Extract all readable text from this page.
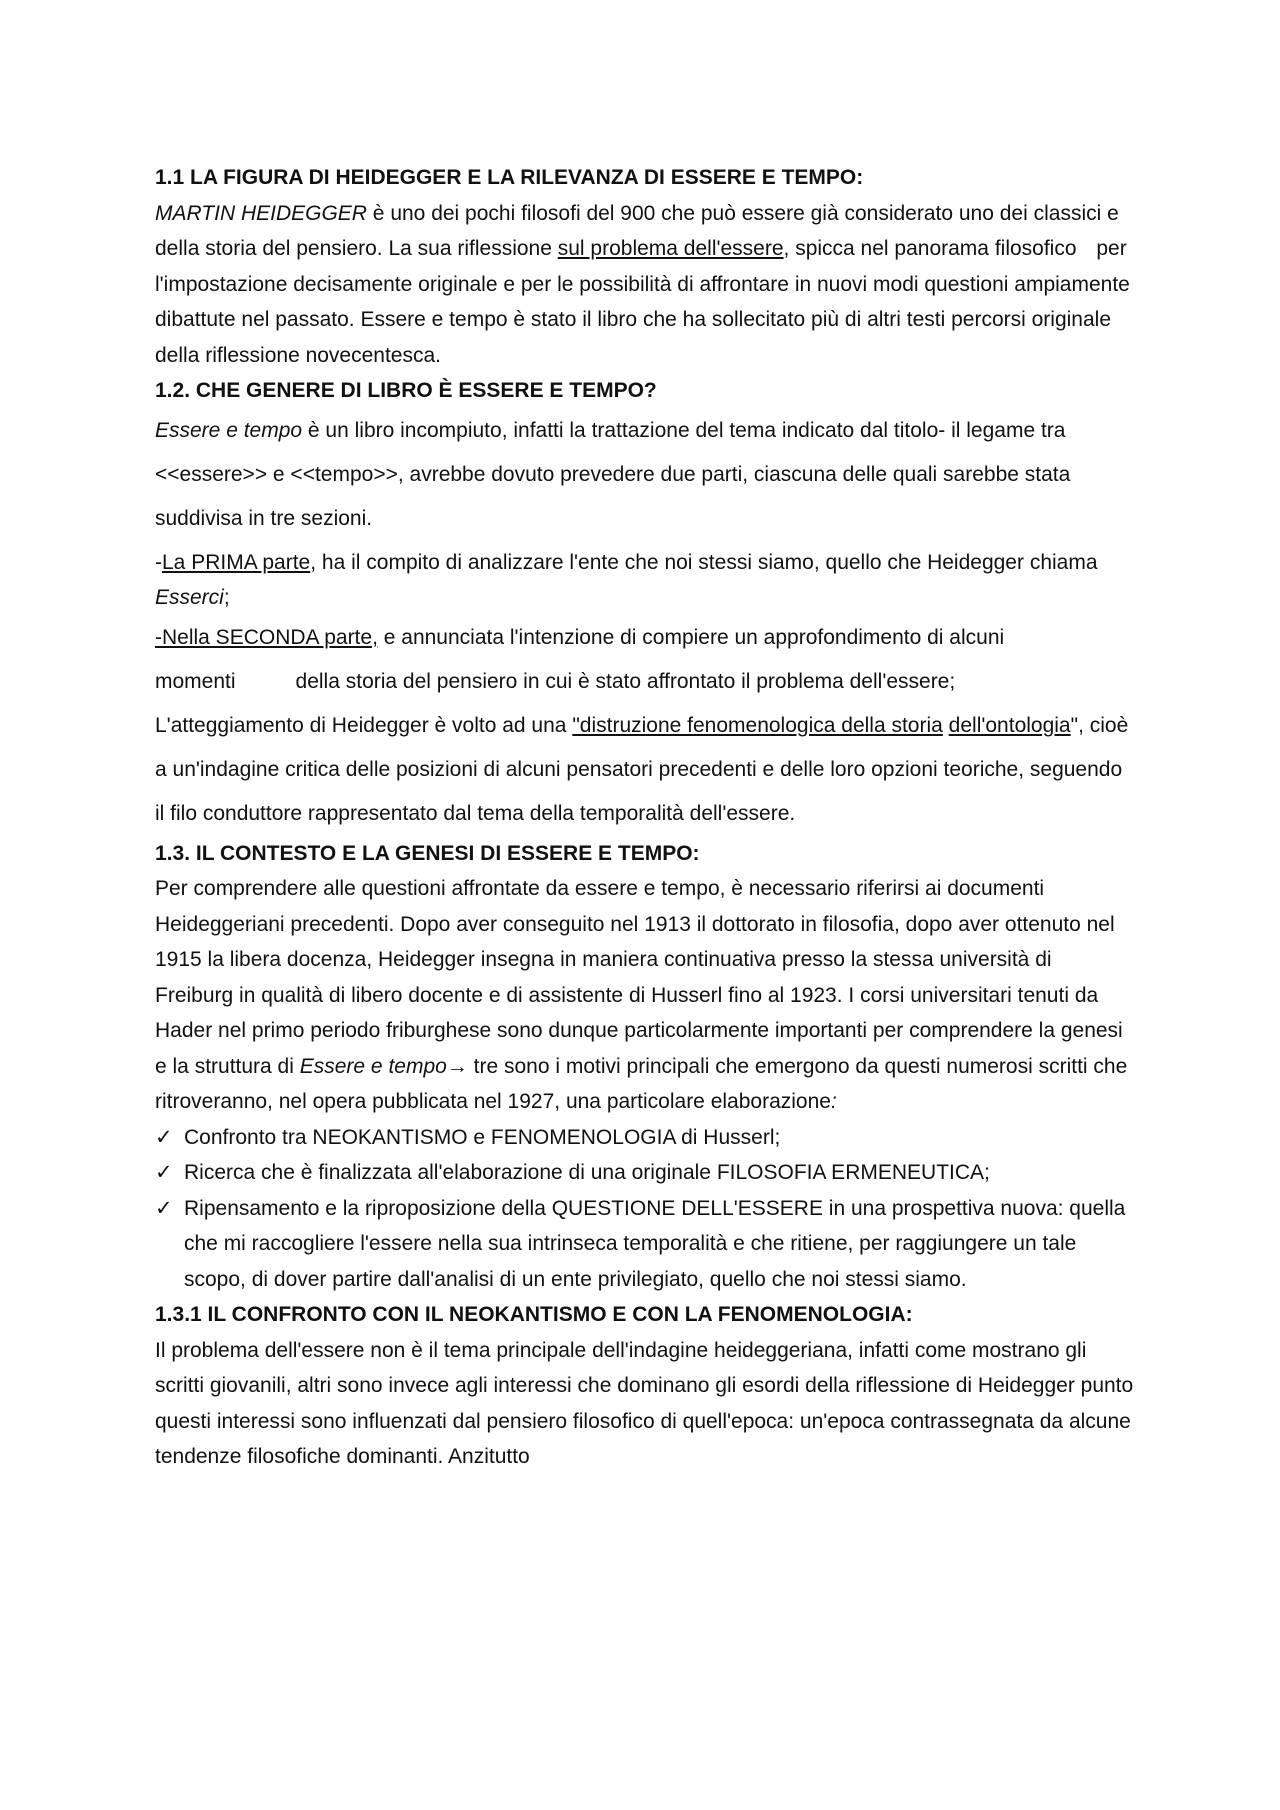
1.1 LA FIGURA DI HEIDEGGER E LA RILEVANZA DI ESSERE E TEMPO:

MARTIN HEIDEGGER è uno dei pochi filosofi del 900 che può essere già considerato uno dei classici e della storia del pensiero. La sua riflessione sul problema dell'essere, spicca nel panorama filosofico per l'impostazione decisamente originale e per le possibilità di affrontare in nuovi modi questioni ampiamente dibattute nel passato. Essere e tempo è stato il libro che ha sollecitato più di altri testi percorsi originale della riflessione novecentesca.

1.2. CHE GENERE DI LIBRO È ESSERE E TEMPO?

Essere e tempo è un libro incompiuto, infatti la trattazione del tema indicato dal titolo- il legame tra <<essere>> e <<tempo>>, avrebbe dovuto prevedere due parti, ciascuna delle quali sarebbe stata suddivisa in tre sezioni.

-La PRIMA parte, ha il compito di analizzare l'ente che noi stessi siamo, quello che Heidegger chiama Esserci;

-Nella SECONDA parte, e annunciata l'intenzione di compiere un approfondimento di alcuni
momenti	della storia del pensiero in cui è stato affrontato il problema dell'essere;

L'atteggiamento di Heidegger è volto ad una "distruzione fenomenologica della storia dell'ontologia", cioè a un'indagine critica delle posizioni di alcuni pensatori precedenti e delle loro opzioni teoriche, seguendo il filo conduttore rappresentato dal tema della temporalità dell'essere.

1.3. IL CONTESTO E LA GENESI DI ESSERE E TEMPO:

Per comprendere alle questioni affrontate da essere e tempo, è necessario riferirsi ai documenti Heideggeriani precedenti. Dopo aver conseguito nel 1913 il dottorato in filosofia, dopo aver ottenuto nel 1915 la libera docenza, Heidegger insegna in maniera continuativa presso la stessa università di Freiburg in qualità di libero docente e di assistente di Husserl fino al 1923. I corsi universitari tenuti da Hader nel primo periodo friburghese sono dunque particolarmente importanti per comprendere la genesi e la struttura di Essere e tempo→ tre sono i motivi principali che emergono da questi numerosi scritti che ritroveranno, nel opera pubblicata nel 1927, una particolare elaborazione:

✓ Confronto tra NEOKANTISMO e FENOMENOLOGIA di Husserl;
✓ Ricerca che è finalizzata all'elaborazione di una originale FILOSOFIA ERMENEUTICA;
✓ Ripensamento e la riproposizione della QUESTIONE DELL'ESSERE in una prospettiva nuova: quella che mi raccogliere l'essere nella sua intrinseca temporalità e che ritiene, per raggiungere un tale scopo, di dover partire dall'analisi di un ente privilegiato, quello che noi stessi siamo.

1.3.1 IL CONFRONTO CON IL NEOKANTISMO E CON LA FENOMENOLOGIA:

Il problema dell'essere non è il tema principale dell'indagine heideggeriana, infatti come mostrano gli scritti giovanili, altri sono invece agli interessi che dominano gli esordi della riflessione di Heidegger punto questi interessi sono influenzati dal pensiero filosofico di quell'epoca: un'epoca contrassegnata da alcune tendenze filosofiche dominanti. Anzitutto
